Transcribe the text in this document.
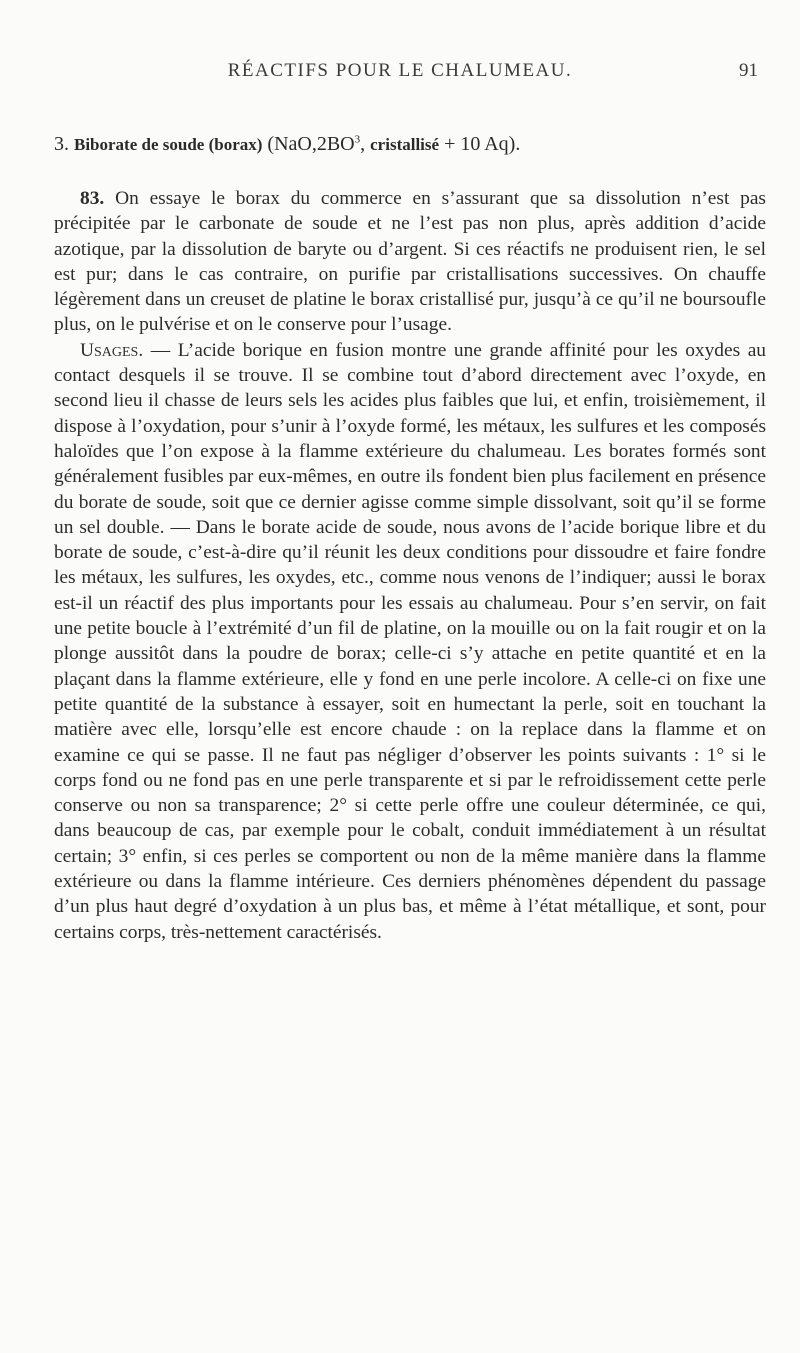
RÉACTIFS POUR LE CHALUMEAU.	91
3. Biborate de soude (borax) ($NaO,2BO^3$, cristallisé + 10 Aq).

83. On essaye le borax du commerce en s’assurant que sa dissolution n’est pas précipitée par le carbonate de soude et ne l’est pas non plus, après addition d’acide azotique, par la dissolution de baryte ou d’argent. Si ces réactifs ne produisent rien, le sel est pur; dans le cas contraire, on purifie par cristallisations successives. On chauffe légèrement dans un creuset de platine le borax cristallisé pur, jusqu’à ce qu’il ne boursoufle plus, on le pulvérise et on le conserve pour l’usage.

Usages. — L’acide borique en fusion montre une grande affinité pour les oxydes au contact desquels il se trouve. Il se combine tout d’abord directement avec l’oxyde, en second lieu il chasse de leurs sels les acides plus faibles que lui, et enfin, troisièmement, il dispose à l’oxydation, pour s’unir à l’oxyde formé, les métaux, les sulfures et les composés haloïdes que l’on expose à la flamme extérieure du chalumeau. Les borates formés sont généralement fusibles par eux-mêmes, en outre ils fondent bien plus facilement en présence du borate de soude, soit que ce dernier agisse comme simple dissolvant, soit qu’il se forme un sel double. — Dans le borate acide de soude, nous avons de l’acide borique libre et du borate de soude, c’est-à-dire qu’il réunit les deux conditions pour dissoudre et faire fondre les métaux, les sulfures, les oxydes, etc., comme nous venons de l’indiquer; aussi le borax est-il un réactif des plus importants pour les essais au chalumeau. Pour s’en servir, on fait une petite boucle à l’extrémité d’un fil de platine, on la mouille ou on la fait rougir et on la plonge aussitôt dans la poudre de borax; celle-ci s’y attache en petite quantité et en la plaçant dans la flamme extérieure, elle y fond en une perle incolore. A celle-ci on fixe une petite quantité de la substance à essayer, soit en humectant la perle, soit en touchant la matière avec elle, lorsqu’elle est encore chaude : on la replace dans la flamme et on examine ce qui se passe. Il ne faut pas négliger d’observer les points suivants : 1° si le corps fond ou ne fond pas en une perle transparente et si par le refroidissement cette perle conserve ou non sa transparence; 2° si cette perle offre une couleur déterminée, ce qui, dans beaucoup de cas, par exemple pour le cobalt, conduit immédiatement à un résultat certain; 3° enfin, si ces perles se comportent ou non de la même manière dans la flamme extérieure ou dans la flamme intérieure. Ces derniers phénomènes dépendent du passage d’un plus haut degré d’oxydation à un plus bas, et même à l’état métallique, et sont, pour certains corps, très-nettement caractérisés.
